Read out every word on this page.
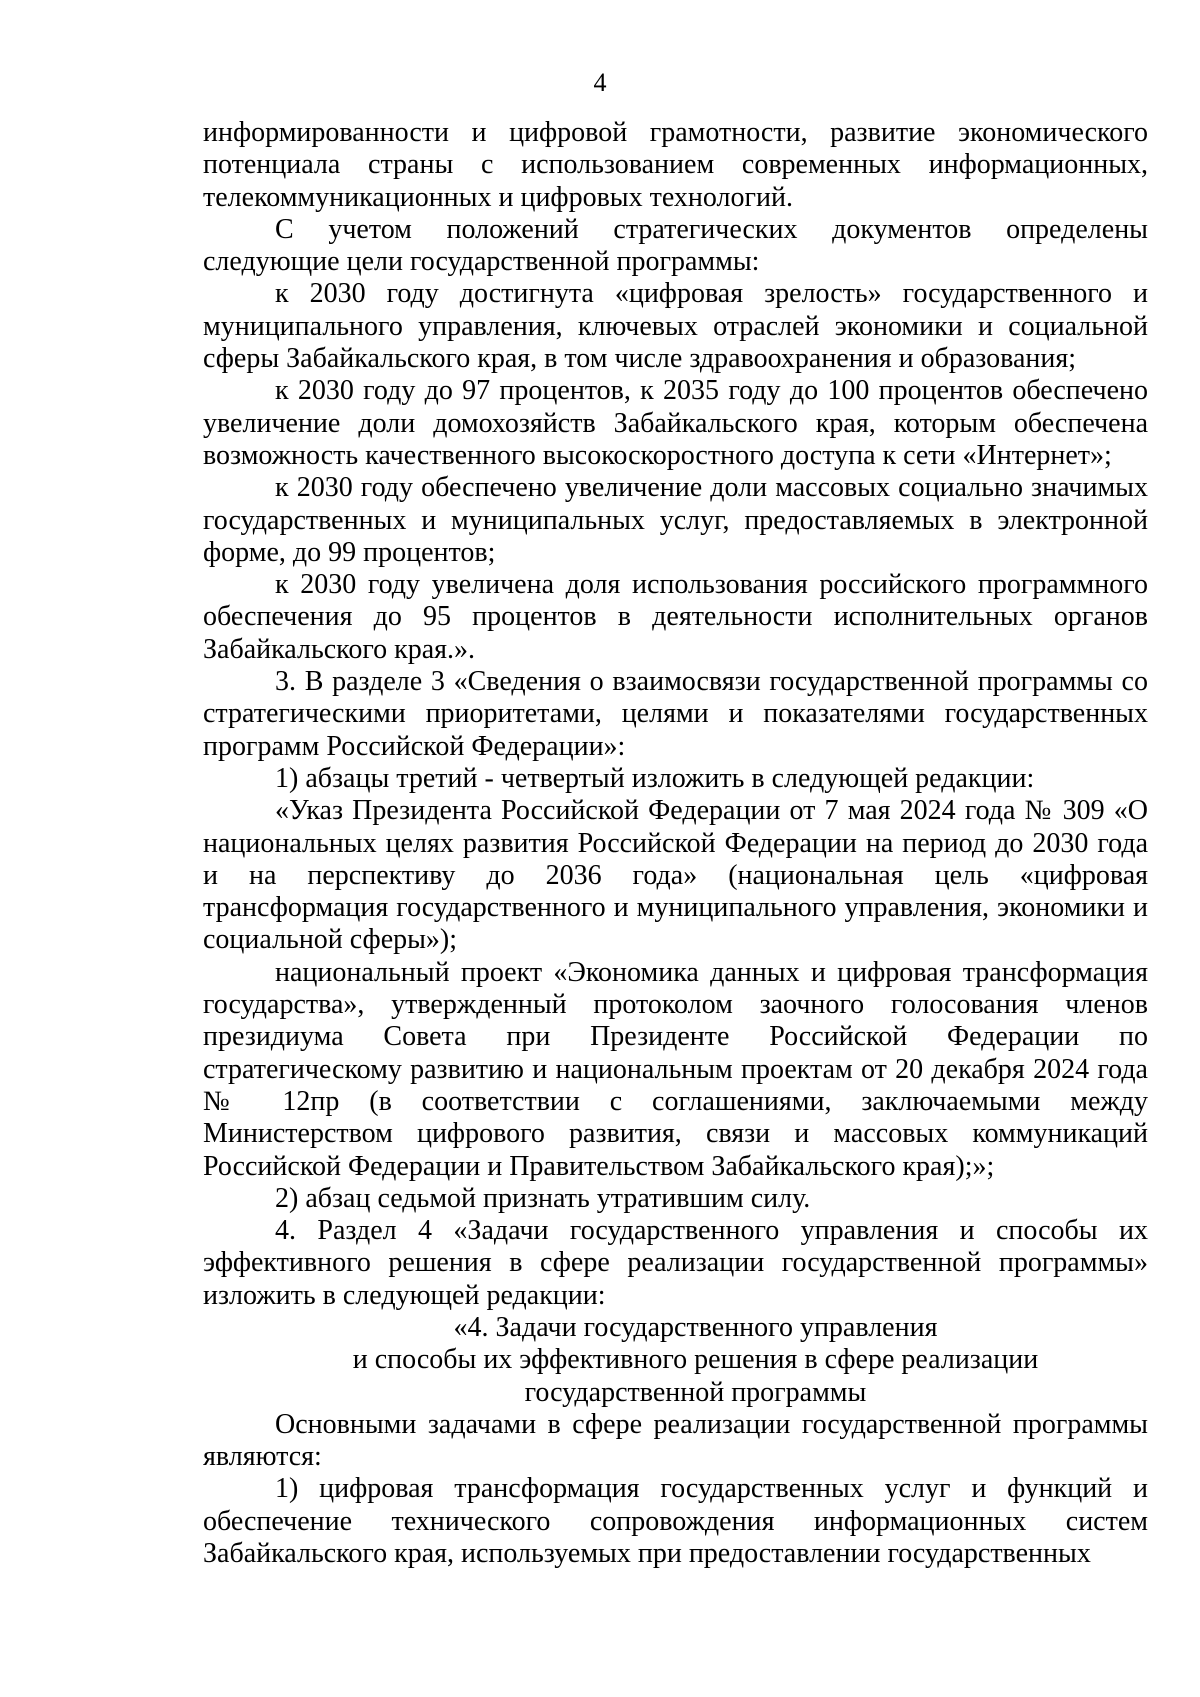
4

информированности и цифровой грамотности, развитие экономического потенциала страны с использованием современных информационных, телекоммуникационных и цифровых технологий.

С учетом положений стратегических документов определены следующие цели государственной программы:

к 2030 году достигнута «цифровая зрелость» государственного и муниципального управления, ключевых отраслей экономики и социальной сферы Забайкальского края, в том числе здравоохранения и образования;

к 2030 году до 97 процентов, к 2035 году до 100 процентов обеспечено увеличение доли домохозяйств Забайкальского края, которым обеспечена возможность качественного высокоскоростного доступа к сети «Интернет»;

к 2030 году обеспечено увеличение доли массовых социально значимых государственных и муниципальных услуг, предоставляемых в электронной форме, до 99 процентов;

к 2030 году увеличена доля использования российского программного обеспечения до 95 процентов в деятельности исполнительных органов Забайкальского края.».

3. В разделе 3 «Сведения о взаимосвязи государственной программы со стратегическими приоритетами, целями и показателями государственных программ Российской Федерации»:

1) абзацы третий - четвертый изложить в следующей редакции:

«Указ Президента Российской Федерации от 7 мая 2024 года № 309 «О национальных целях развития Российской Федерации на период до 2030 года и на перспективу до 2036 года» (национальная цель «цифровая трансформация государственного и муниципального управления, экономики и социальной сферы»);

национальный проект «Экономика данных и цифровая трансформация государства», утвержденный протоколом заочного голосования членов президиума Совета при Президенте Российской Федерации по стратегическому развитию и национальным проектам от 20 декабря 2024 года № 12пр (в соответствии с соглашениями, заключаемыми между Министерством цифрового развития, связи и массовых коммуникаций Российской Федерации и Правительством Забайкальского края);»;

2) абзац седьмой признать утратившим силу.

4. Раздел 4 «Задачи государственного управления и способы их эффективного решения в сфере реализации государственной программы» изложить в следующей редакции:

«4. Задачи государственного управления
и способы их эффективного решения в сфере реализации
государственной программы

Основными задачами в сфере реализации государственной программы являются:

1) цифровая трансформация государственных услуг и функций и обеспечение технического сопровождения информационных систем Забайкальского края, используемых при предоставлении государственных
